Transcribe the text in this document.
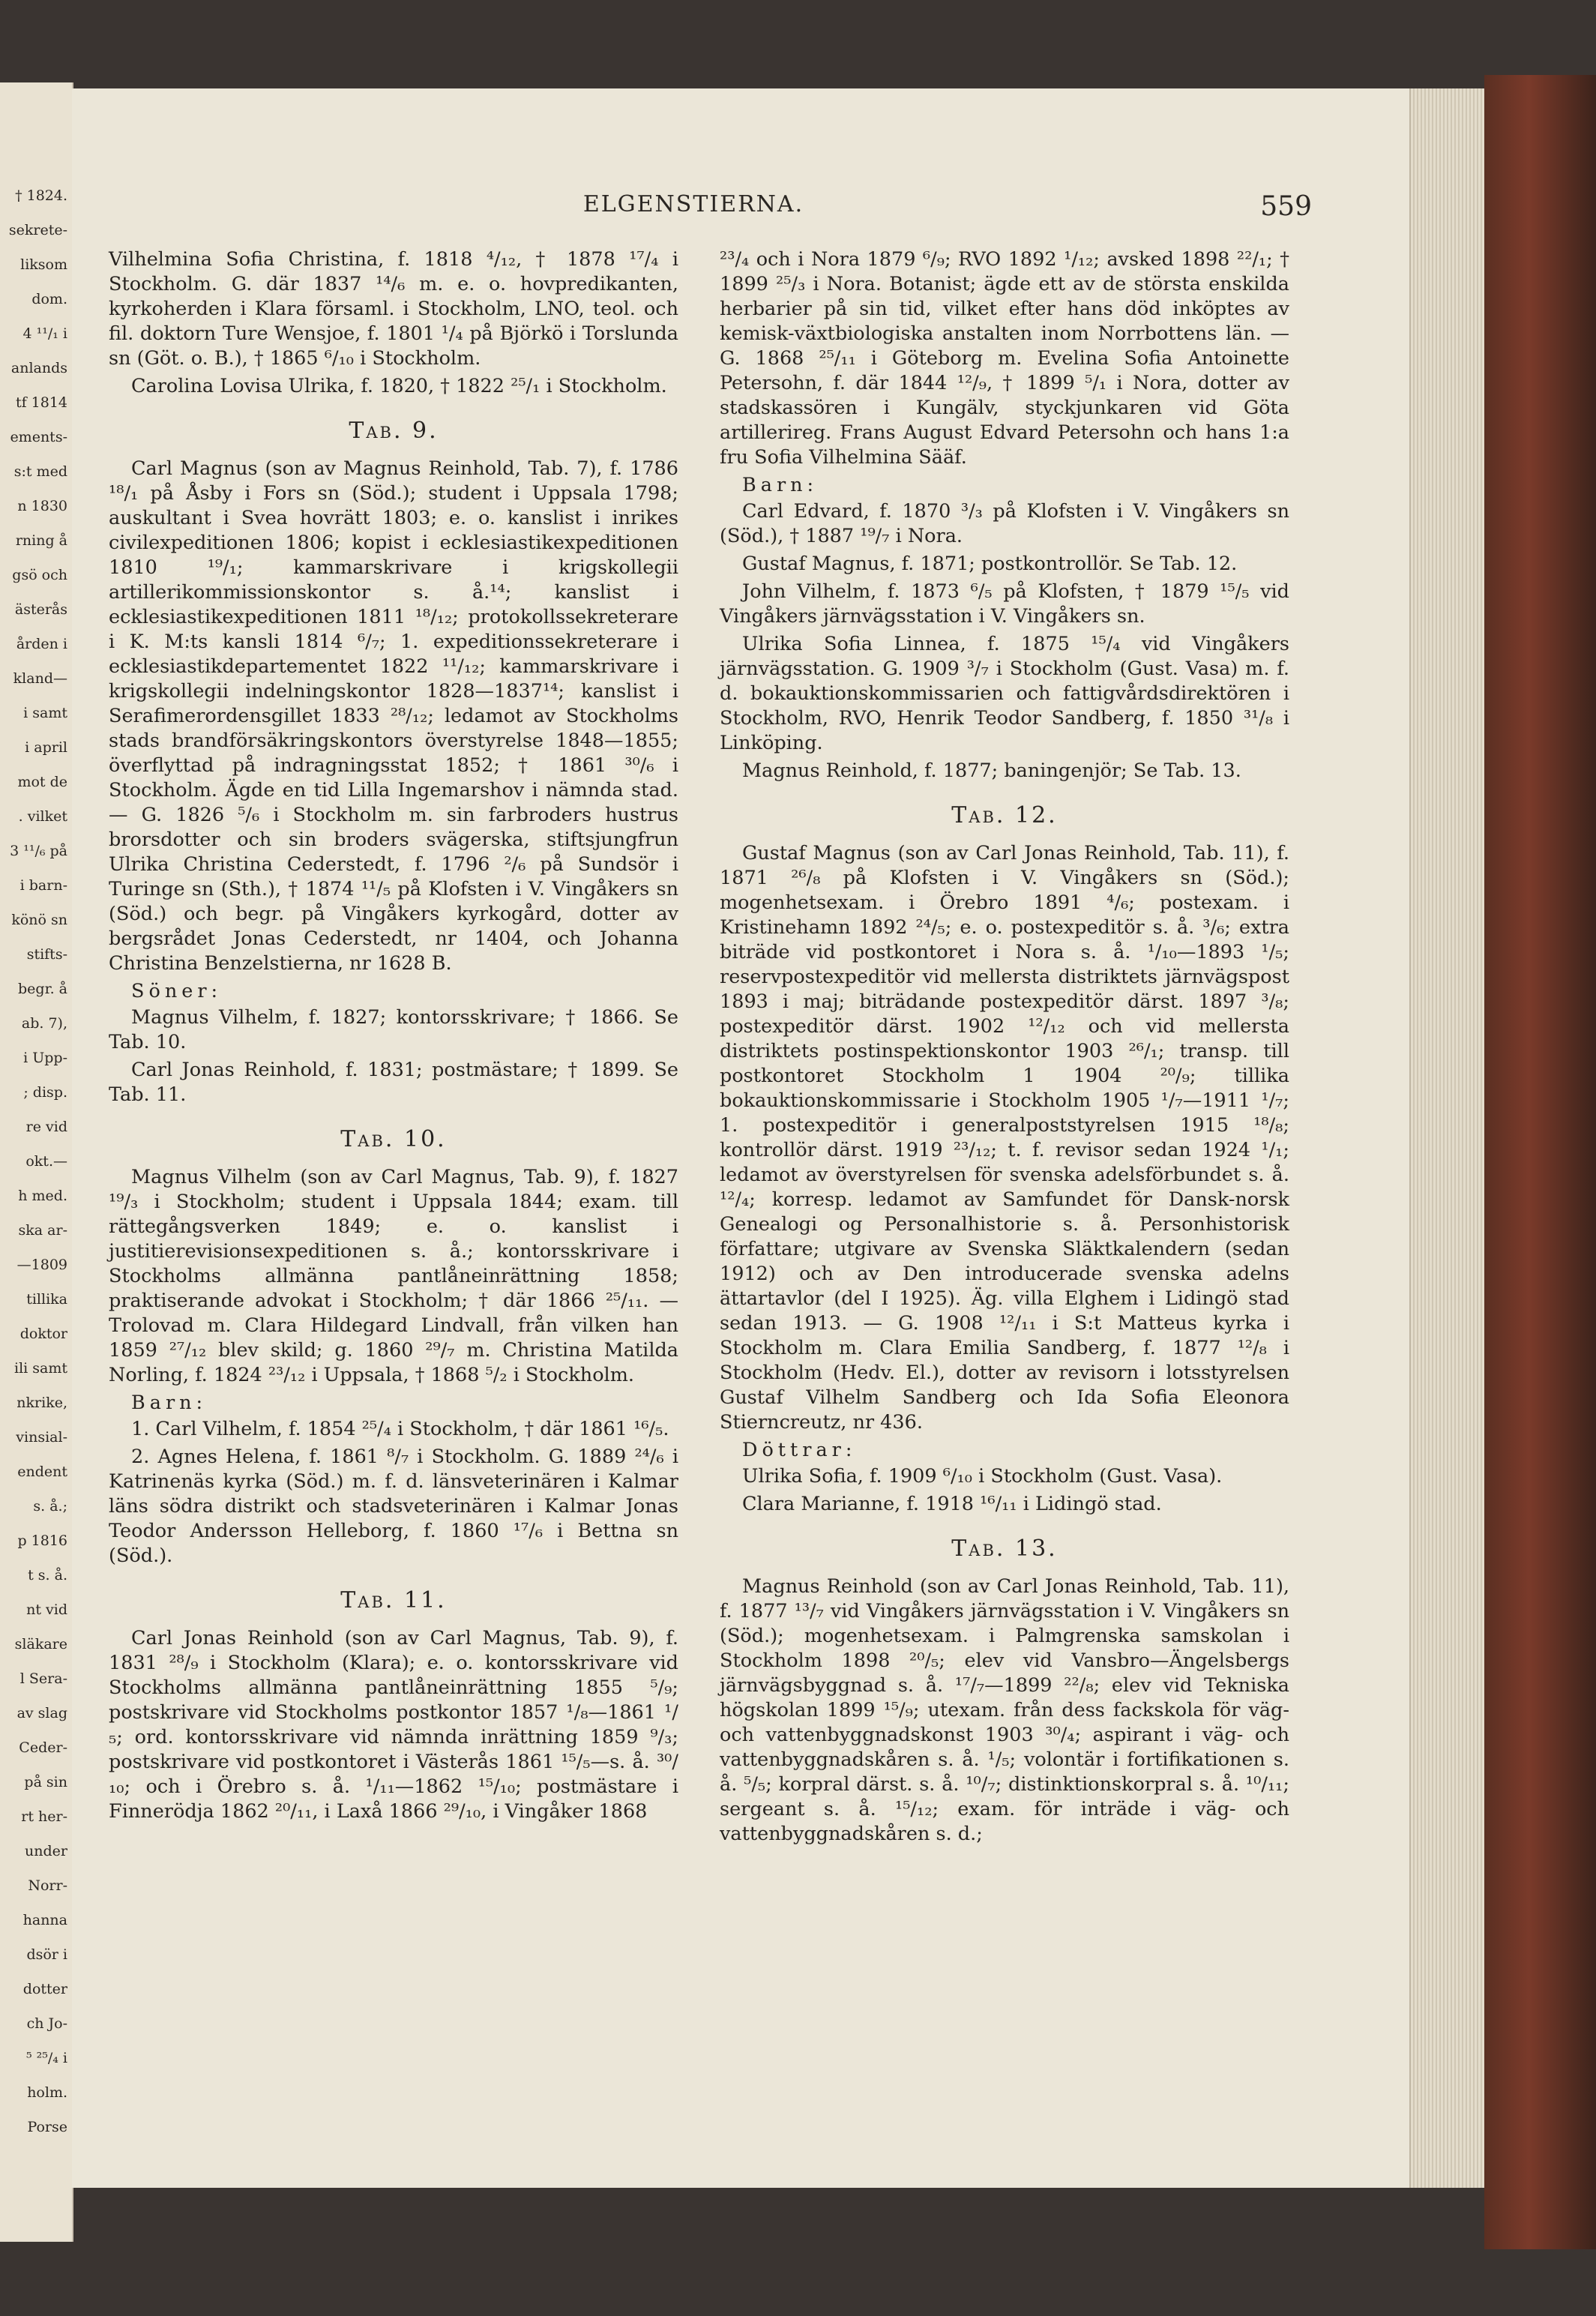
† 1824.
sekrete-
liksom
dom.
4 ¹¹/₁ i
anlands
tf 1814
ements-
s:t med
n 1830
rning å
gsö och
ästerås
ården i
kland—
i samt
i april
mot de
. vilket
3 ¹¹/₆ på
i barn-
könö sn
stifts-
begr. å
ab. 7),
i Upp-
; disp.
re vid
okt.—
h med.
ska ar-
—1809
tillika
doktor
ili samt
nkrike,
vinsial-
endent
s. å.;
p 1816
t s. å.
nt vid
släkare
l Sera-
av slag
Ceder-
på sin
rt her-
under
Norr-
hanna
dsör i
dotter
ch Jo-
⁵ ²⁵/₄ i
holm.
Porse
ELGENSTIERNA.	559

Vilhelmina Sofia Christina, f. 1818 ⁴/₁₂, † 1878 ¹⁷/₄ i Stockholm. G. där 1837 ¹⁴/₆ m. e. o. hovpredikanten, kyrkoherden i Klara församl. i Stockholm, LNO, teol. och fil. doktorn Ture Wensjoe, f. 1801 ¹/₄ på Björkö i Torslunda sn (Göt. o. B.), † 1865 ⁶/₁₀ i Stockholm.

Carolina Lovisa Ulrika, f. 1820, † 1822 ²⁵/₁ i Stockholm.

Tab. 9.

Carl Magnus (son av Magnus Reinhold, Tab. 7), f. 1786 ¹⁸/₁ på Åsby i Fors sn (Söd.); student i Uppsala 1798; auskultant i Svea hovrätt 1803; e. o. kanslist i inrikes civilexpeditionen 1806; kopist i ecklesiastikexpeditionen 1810 ¹⁹/₁; kammarskrivare i krigskollegii artillerikommissionskontor s. å.¹⁴; kanslist i ecklesiastikexpeditionen 1811 ¹⁸/₁₂; protokollssekreterare i K. M:ts kansli 1814 ⁶/₇; 1. expeditionssekreterare i ecklesiastikdepartementet 1822 ¹¹/₁₂; kammarskrivare i krigskollegii indelningskontor 1828—1837¹⁴; kanslist i Serafimerordensgillet 1833 ²⁸/₁₂; ledamot av Stockholms stads brandförsäkringskontors överstyrelse 1848—1855; överflyttad på indragningsstat 1852; † 1861 ³⁰/₆ i Stockholm. Ägde en tid Lilla Ingemarshov i nämnda stad. — G. 1826 ⁵/₆ i Stockholm m. sin farbroders hustrus brorsdotter och sin broders svägerska, stiftsjungfrun Ulrika Christina Cederstedt, f. 1796 ²/₆ på Sundsör i Turinge sn (Sth.), † 1874 ¹¹/₅ på Klofsten i V. Vingåkers sn (Söd.) och begr. på Vingåkers kyrkogård, dotter av bergsrådet Jonas Cederstedt, nr 1404, och Johanna Christina Benzelstierna, nr 1628 B.

Söner:

Magnus Vilhelm, f. 1827; kontorsskrivare; † 1866. Se Tab. 10.

Carl Jonas Reinhold, f. 1831; postmästare; † 1899. Se Tab. 11.

Tab. 10.

Magnus Vilhelm (son av Carl Magnus, Tab. 9), f. 1827 ¹⁹/₃ i Stockholm; student i Uppsala 1844; exam. till rättegångsverken 1849; e. o. kanslist i justitierevisionsexpeditionen s. å.; kontorsskrivare i Stockholms allmänna pantlåneinrättning 1858; praktiserande advokat i Stockholm; † där 1866 ²⁵/₁₁. — Trolovad m. Clara Hildegard Lindvall, från vilken han 1859 ²⁷/₁₂ blev skild; g. 1860 ²⁹/₇ m. Christina Matilda Norling, f. 1824 ²³/₁₂ i Uppsala, † 1868 ⁵/₂ i Stockholm.

Barn:

1. Carl Vilhelm, f. 1854 ²⁵/₄ i Stockholm, † där 1861 ¹⁶/₅.

2. Agnes Helena, f. 1861 ⁸/₇ i Stockholm. G. 1889 ²⁴/₆ i Katrinenäs kyrka (Söd.) m. f. d. länsveterinären i Kalmar läns södra distrikt och stadsveterinären i Kalmar Jonas Teodor Andersson Helleborg, f. 1860 ¹⁷/₆ i Bettna sn (Söd.).

Tab. 11.

Carl Jonas Reinhold (son av Carl Magnus, Tab. 9), f. 1831 ²⁸/₉ i Stockholm (Klara); e. o. kontorsskrivare vid Stockholms allmänna pantlåneinrättning 1855 ⁵/₉; postskrivare vid Stockholms postkontor 1857 ¹/₈—1861 ¹/₅; ord. kontorsskrivare vid nämnda inrättning 1859 ⁹/₃; postskrivare vid postkontoret i Västerås 1861 ¹⁵/₅—s. å. ³⁰/₁₀; och i Örebro s. å. ¹/₁₁—1862 ¹⁵/₁₀; postmästare i Finnerödja 1862 ²⁰/₁₁, i Laxå 1866 ²⁹/₁₀, i Vingåker 1868

²³/₄ och i Nora 1879 ⁶/₉; RVO 1892 ¹/₁₂; avsked 1898 ²²/₁; † 1899 ²⁵/₃ i Nora. Botanist; ägde ett av de största enskilda herbarier på sin tid, vilket efter hans död inköptes av kemisk-växtbiologiska anstalten inom Norrbottens län. — G. 1868 ²⁵/₁₁ i Göteborg m. Evelina Sofia Antoinette Petersohn, f. där 1844 ¹²/₉, † 1899 ⁵/₁ i Nora, dotter av stadskassören i Kungälv, styckjunkaren vid Göta artillerireg. Frans August Edvard Petersohn och hans 1:a fru Sofia Vilhelmina Sääf.

Barn:

Carl Edvard, f. 1870 ³/₃ på Klofsten i V. Vingåkers sn (Söd.), † 1887 ¹⁹/₇ i Nora.

Gustaf Magnus, f. 1871; postkontrollör. Se Tab. 12.

John Vilhelm, f. 1873 ⁶/₅ på Klofsten, † 1879 ¹⁵/₅ vid Vingåkers järnvägsstation i V. Vingåkers sn.

Ulrika Sofia Linnea, f. 1875 ¹⁵/₄ vid Vingåkers järnvägsstation. G. 1909 ³/₇ i Stockholm (Gust. Vasa) m. f. d. bokauktionskommissarien och fattigvårdsdirektören i Stockholm, RVO, Henrik Teodor Sandberg, f. 1850 ³¹/₈ i Linköping.

Magnus Reinhold, f. 1877; baningenjör; Se Tab. 13.

Tab. 12.

Gustaf Magnus (son av Carl Jonas Reinhold, Tab. 11), f. 1871 ²⁶/₈ på Klofsten i V. Vingåkers sn (Söd.); mogenhetsexam. i Örebro 1891 ⁴/₆; postexam. i Kristinehamn 1892 ²⁴/₅; e. o. postexpeditör s. å. ³/₆; extra biträde vid postkontoret i Nora s. å. ¹/₁₀—1893 ¹/₅; reservpostexpeditör vid mellersta distriktets järnvägspost 1893 i maj; biträdande postexpeditör därst. 1897 ³/₈; postexpeditör därst. 1902 ¹²/₁₂ och vid mellersta distriktets postinspektionskontor 1903 ²⁶/₁; transp. till postkontoret Stockholm 1 1904 ²⁰/₉; tillika bokauktionskommissarie i Stockholm 1905 ¹/₇—1911 ¹/₇; 1. postexpeditör i generalpoststyrelsen 1915 ¹⁸/₈; kontrollör därst. 1919 ²³/₁₂; t. f. revisor sedan 1924 ¹/₁; ledamot av överstyrelsen för svenska adelsförbundet s. å. ¹²/₄; korresp. ledamot av Samfundet för Dansk-norsk Genealogi og Personalhistorie s. å. Personhistorisk författare; utgivare av Svenska Släktkalendern (sedan 1912) och av Den introducerade svenska adelns ättartavlor (del I 1925). Äg. villa Elghem i Lidingö stad sedan 1913. — G. 1908 ¹²/₁₁ i S:t Matteus kyrka i Stockholm m. Clara Emilia Sandberg, f. 1877 ¹²/₈ i Stockholm (Hedv. El.), dotter av revisorn i lotsstyrelsen Gustaf Vilhelm Sandberg och Ida Sofia Eleonora Stierncreutz, nr 436.

Döttrar:

Ulrika Sofia, f. 1909 ⁶/₁₀ i Stockholm (Gust. Vasa).

Clara Marianne, f. 1918 ¹⁶/₁₁ i Lidingö stad.

Tab. 13.

Magnus Reinhold (son av Carl Jonas Reinhold, Tab. 11), f. 1877 ¹³/₇ vid Vingåkers järnvägsstation i V. Vingåkers sn (Söd.); mogenhetsexam. i Palmgrenska samskolan i Stockholm 1898 ²⁰/₅; elev vid Vansbro—Ängelsbergs järnvägsbyggnad s. å. ¹⁷/₇—1899 ²²/₈; elev vid Tekniska högskolan 1899 ¹⁵/₉; utexam. från dess fackskola för väg- och vattenbyggnadskonst 1903 ³⁰/₄; aspirant i väg- och vattenbyggnadskåren s. å. ¹/₅; volontär i fortifikationen s. å. ⁵/₅; korpral därst. s. å. ¹⁰/₇; distinktionskorpral s. å. ¹⁰/₁₁; sergeant s. å. ¹⁵/₁₂; exam. för inträde i väg- och vattenbyggnadskåren s. d.;
